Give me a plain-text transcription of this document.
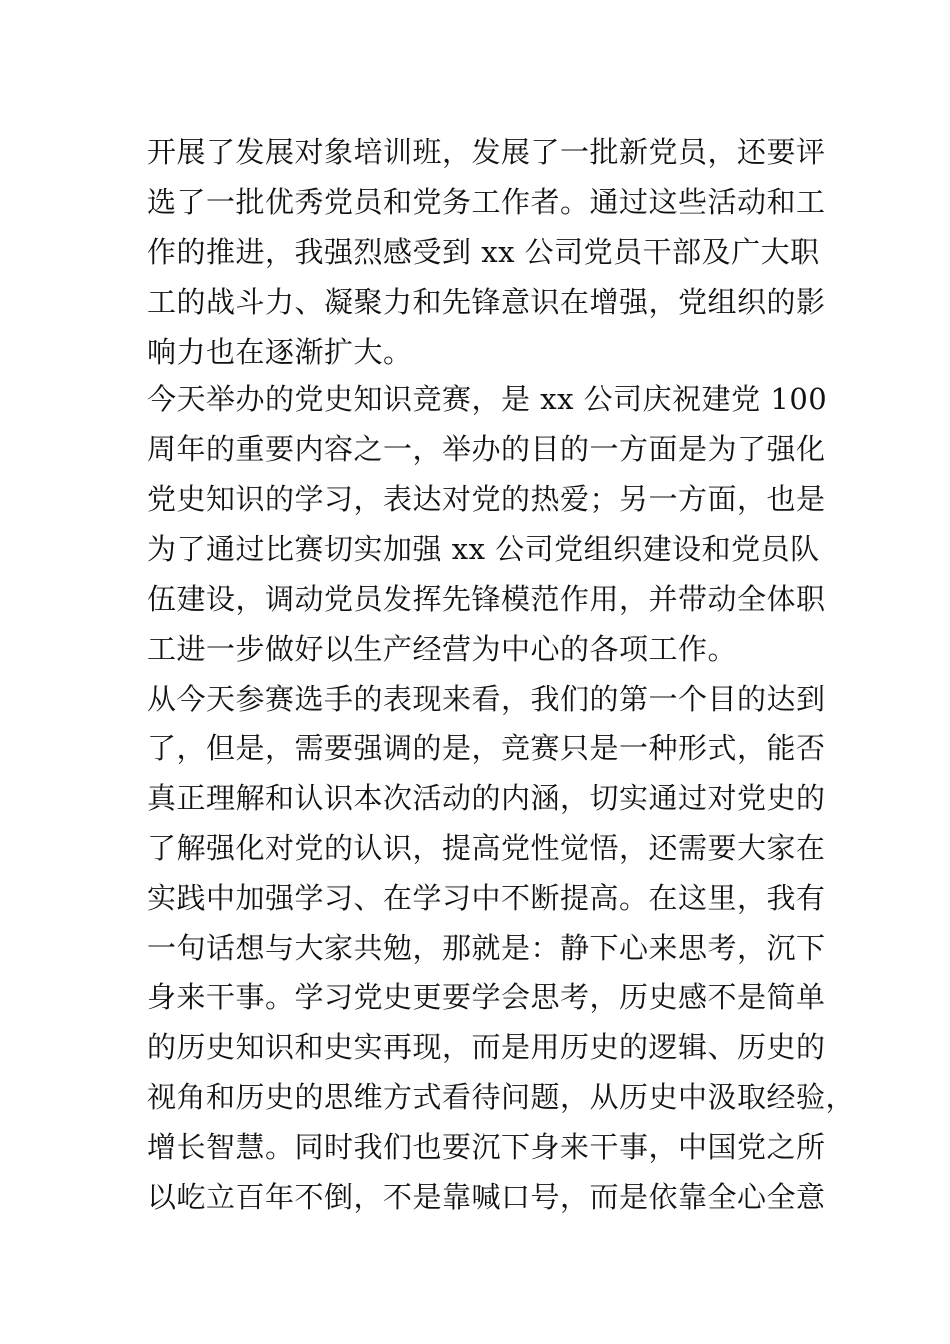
开展了发展对象培训班，发展了一批新党员，还要评
选了一批优秀党员和党务工作者。通过这些活动和工
作的推进，我强烈感受到 xx 公司党员干部及广大职
工的战斗力、凝聚力和先锋意识在增强，党组织的影
响力也在逐渐扩大。
今天举办的党史知识竞赛，是 xx 公司庆祝建党 100
周年的重要内容之一，举办的目的一方面是为了强化
党史知识的学习，表达对党的热爱；另一方面，也是
为了通过比赛切实加强 xx 公司党组织建设和党员队
伍建设，调动党员发挥先锋模范作用，并带动全体职
工进一步做好以生产经营为中心的各项工作。
从今天参赛选手的表现来看，我们的第一个目的达到
了，但是，需要强调的是，竞赛只是一种形式，能否
真正理解和认识本次活动的内涵，切实通过对党史的
了解强化对党的认识，提高党性觉悟，还需要大家在
实践中加强学习、在学习中不断提高。在这里，我有
一句话想与大家共勉，那就是：静下心来思考，沉下
身来干事。学习党史更要学会思考，历史感不是简单
的历史知识和史实再现，而是用历史的逻辑、历史的
视角和历史的思维方式看待问题，从历史中汲取经验，
增长智慧。同时我们也要沉下身来干事，中国党之所
以屹立百年不倒，不是靠喊口号，而是依靠全心全意
